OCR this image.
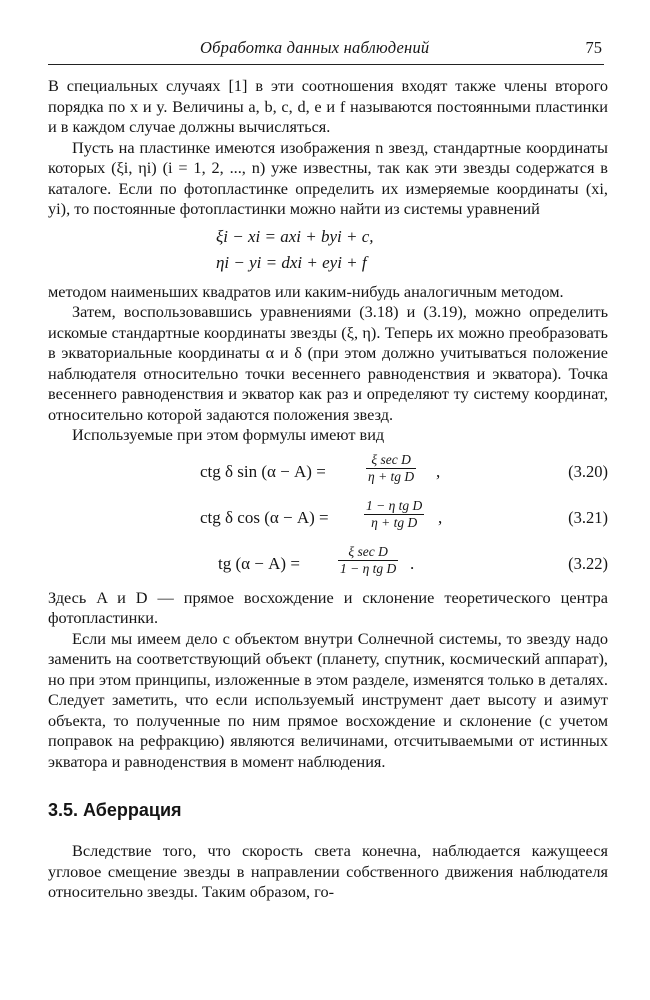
Обработка данных наблюдений	75

В специальных случаях [1] в эти соотношения входят также члены второго порядка по x и y. Величины a, b, c, d, e и f называются постоянными пластинки и в каждом случае должны вычисляться.

Пусть на пластинке имеются изображения n звезд, стандартные координаты которых (ξi, ηi) (i = 1, 2, ..., n) уже известны, так как эти звезды содержатся в каталоге. Если по фотопластинке определить их измеряемые координаты (xi, yi), то постоянные фотопластинки можно найти из системы уравнений

ξi − xi = axi + byi + c,
ηi − yi = dxi + eyi + f

методом наименьших квадратов или каким-нибудь аналогичным методом.

Затем, воспользовавшись уравнениями (3.18) и (3.19), можно определить искомые стандартные координаты звезды (ξ, η). Теперь их можно преобразовать в экваториальные координаты α и δ (при этом должно учитываться положение наблюдателя относительно точки весеннего равноденствия и экватора). Точка весеннего равноденствия и экватор как раз и определяют ту систему координат, относительно которой задаются положения звезд.

Используемые при этом формулы имеют вид

ctg δ sin (α − A) =
ξ sec D
η + tg D ,	(3.20)
ctg δ cos (α − A) =	$\frac{\text{1 − η tg D}}{\text{η + tg D}}$ ,	(3.21)
tg (α − A) =
ξ sec D
1 − η tg D .	(3.22)

Здесь A и D — прямое восхождение и склонение теоретического центра фотопластинки.

Если мы имеем дело с объектом внутри Солнечной системы, то звезду надо заменить на соответствующий объект (планету, спутник, космический аппарат), но при этом принципы, изложенные в этом разделе, изменятся только в деталях. Следует заметить, что если используемый инструмент дает высоту и азимут объекта, то полученные по ним прямое восхождение и склонение (с учетом поправок на рефракцию) являются величинами, отсчитываемыми от истинных экватора и равноденствия в момент наблюдения.

3.5. Аберрация

Вследствие того, что скорость света конечна, наблюдается кажущееся угловое смещение звезды в направлении собственного движения наблюдателя относительно звезды. Таким образом, го-
